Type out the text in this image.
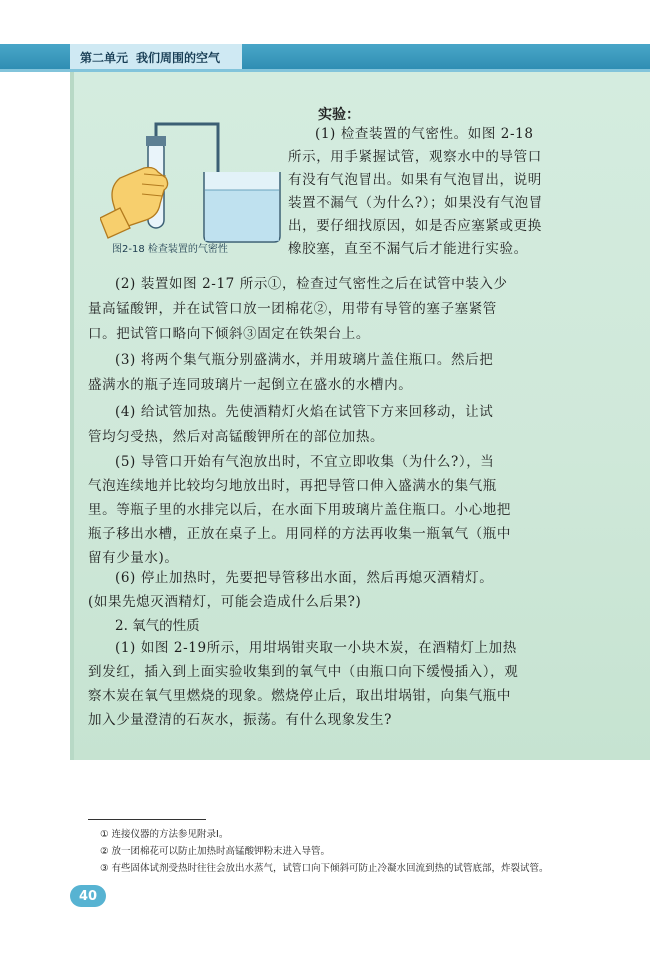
第二单元 我们周围的空气
图2-18 检查装置的气密性
实验：
(1) 检查装置的气密性。如图 2-18
所示，用手紧握试管，观察水中的导管口
有没有气泡冒出。如果有气泡冒出，说明
装置不漏气（为什么?）；如果没有气泡冒
出，要仔细找原因，如是否应塞紧或更换
橡胶塞，直至不漏气后才能进行实验。
(2) 装置如图 2-17 所示①，检查过气密性之后在试管中装入少
量高锰酸钾，并在试管口放一团棉花②，用带有导管的塞子塞紧管
口。把试管口略向下倾斜③固定在铁架台上。
(3) 将两个集气瓶分别盛满水，并用玻璃片盖住瓶口。然后把
盛满水的瓶子连同玻璃片一起倒立在盛水的水槽内。
(4) 给试管加热。先使酒精灯火焰在试管下方来回移动，让试
管均匀受热，然后对高锰酸钾所在的部位加热。
(5) 导管口开始有气泡放出时，不宜立即收集（为什么?），当
气泡连续地并比较均匀地放出时，再把导管口伸入盛满水的集气瓶
里。等瓶子里的水排完以后，在水面下用玻璃片盖住瓶口。小心地把
瓶子移出水槽，正放在桌子上。用同样的方法再收集一瓶氧气（瓶中
留有少量水)。
(6) 停止加热时，先要把导管移出水面，然后再熄灭酒精灯。
(如果先熄灭酒精灯，可能会造成什么后果?)
2. 氧气的性质
(1) 如图 2-19所示，用坩埚钳夹取一小块木炭，在酒精灯上加热
到发红，插入到上面实验收集到的氧气中（由瓶口向下缓慢插入），观
察木炭在氧气里燃烧的现象。燃烧停止后，取出坩埚钳，向集气瓶中
加入少量澄清的石灰水，振荡。有什么现象发生?
① 连接仪器的方法参见附录Ⅰ。
② 放一团棉花可以防止加热时高锰酸钾粉末进入导管。
③ 有些固体试剂受热时往往会放出水蒸气，试管口向下倾斜可防止冷凝水回流到热的试管底部，炸裂试管。
40
